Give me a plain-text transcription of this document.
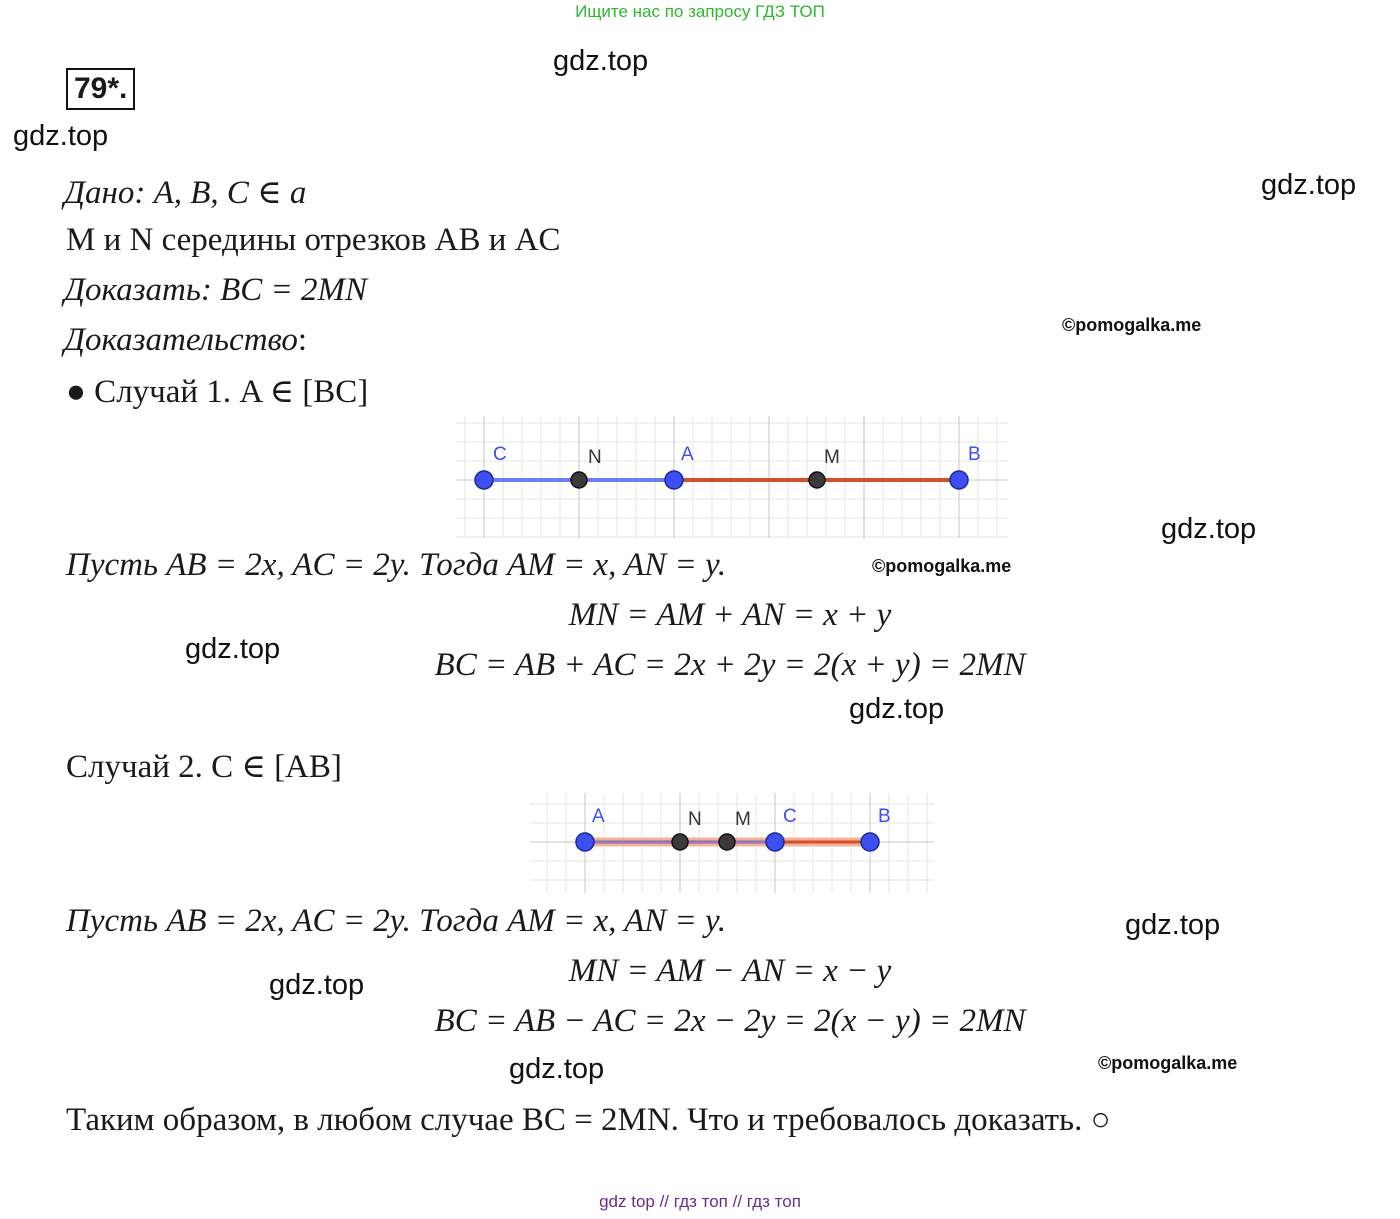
Ищите нас по запросу ГДЗ ТОП
gdz.top
79*.
gdz.top
gdz.top
Дано: A, B, C ∈ a
M и N середины отрезков AB и AC
Доказать: BC = 2MN
Доказательство:	©pomogalka.me
● Случай 1. A ∈ [BC]
C	N	A	M	B
gdz.top
Пусть AB = 2x, AC = 2y. Тогда AM = x, AN = y.	©pomogalka.me
MN = AM + AN = x + y
gdz.top	BC = AB + AC = 2x + 2y = 2(x + y) = 2MN
gdz.top
Случай 2. C ∈ [AB]
A	N M C	B
Пусть AB = 2x, AC = 2y. Тогда AM = x, AN = y.	gdz.top
MN = AM − AN = x − y
gdz.top
BC = AB − AC = 2x − 2y = 2(x − y) = 2MN
©pomogalka.me
gdz.top
Таким образом, в любом случае BC = 2MN. Что и требовалось доказать. ○
gdz top // гдз топ // гдз топ
